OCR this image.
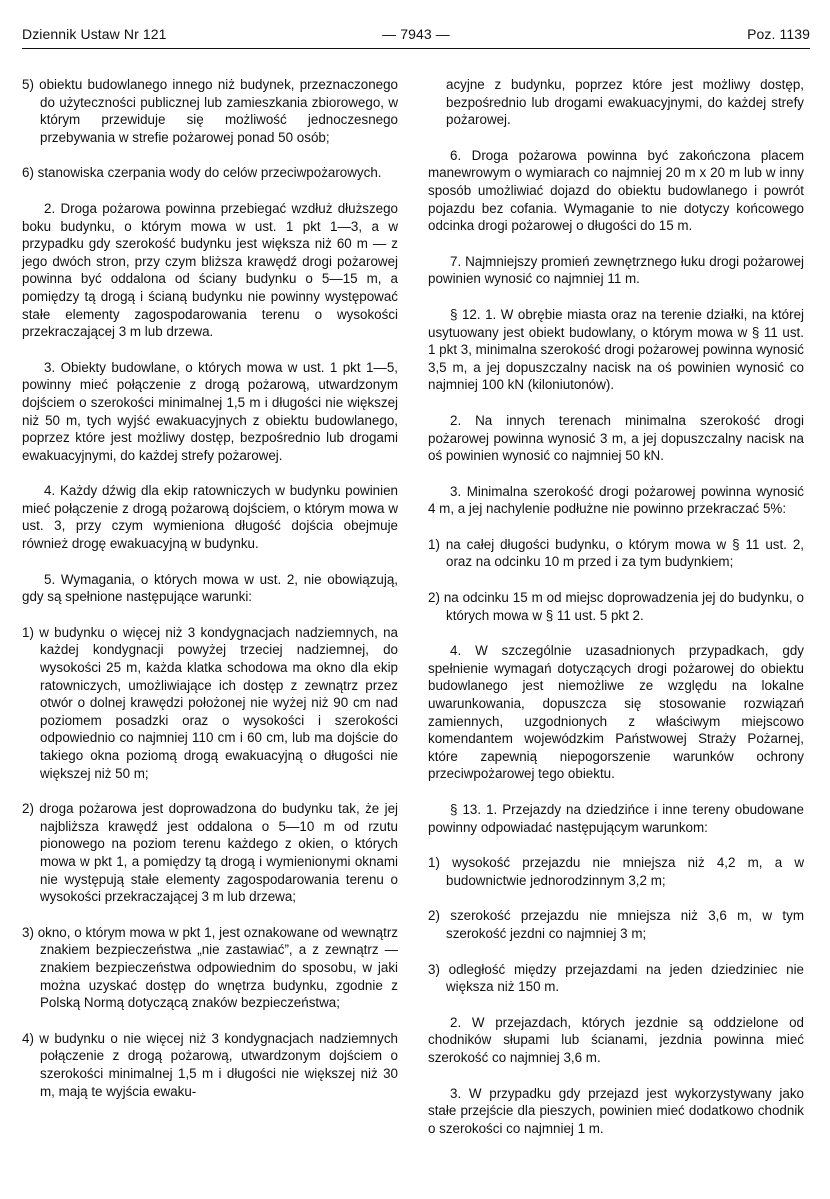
Dziennik Ustaw Nr 121	— 7943 —	Poz. 1139

5) obiektu budowlanego innego niż budynek, przeznaczonego do użyteczności publicznej lub zamieszkania zbiorowego, w którym przewiduje się możliwość jednoczesnego przebywania w strefie pożarowej ponad 50 osób;

6) stanowiska czerpania wody do celów przeciwpożarowych.

2. Droga pożarowa powinna przebiegać wzdłuż dłuższego boku budynku, o którym mowa w ust. 1 pkt 1—3, a w przypadku gdy szerokość budynku jest większa niż 60 m — z jego dwóch stron, przy czym bliższa krawędź drogi pożarowej powinna być oddalona od ściany budynku o 5—15 m, a pomiędzy tą drogą i ścianą budynku nie powinny występować stałe elementy zagospodarowania terenu o wysokości przekraczającej 3 m lub drzewa.

3. Obiekty budowlane, o których mowa w ust. 1 pkt 1—5, powinny mieć połączenie z drogą pożarową, utwardzonym dojściem o szerokości minimalnej 1,5 m i długości nie większej niż 50 m, tych wyjść ewakuacyjnych z obiektu budowlanego, poprzez które jest możliwy dostęp, bezpośrednio lub drogami ewakuacyjnymi, do każdej strefy pożarowej.

4. Każdy dźwig dla ekip ratowniczych w budynku powinien mieć połączenie z drogą pożarową dojściem, o którym mowa w ust. 3, przy czym wymieniona długość dojścia obejmuje również drogę ewakuacyjną w budynku.

5. Wymagania, o których mowa w ust. 2, nie obowiązują, gdy są spełnione następujące warunki:

1) w budynku o więcej niż 3 kondygnacjach nadziemnych, na każdej kondygnacji powyżej trzeciej nadziemnej, do wysokości 25 m, każda klatka schodowa ma okno dla ekip ratowniczych, umożliwiające ich dostęp z zewnątrz przez otwór o dolnej krawędzi położonej nie wyżej niż 90 cm nad poziomem posadzki oraz o wysokości i szerokości odpowiednio co najmniej 110 cm i 60 cm, lub ma dojście do takiego okna poziomą drogą ewakuacyjną o długości nie większej niż 50 m;

2) droga pożarowa jest doprowadzona do budynku tak, że jej najbliższa krawędź jest oddalona o 5—10 m od rzutu pionowego na poziom terenu każdego z okien, o których mowa w pkt 1, a pomiędzy tą drogą i wymienionymi oknami nie występują stałe elementy zagospodarowania terenu o wysokości przekraczającej 3 m lub drzewa;

3) okno, o którym mowa w pkt 1, jest oznakowane od wewnątrz znakiem bezpieczeństwa „nie zastawiać”, a z zewnątrz — znakiem bezpieczeństwa odpowiednim do sposobu, w jaki można uzyskać dostęp do wnętrza budynku, zgodnie z Polską Normą dotyczącą znaków bezpieczeństwa;

4) w budynku o nie więcej niż 3 kondygnacjach nadziemnych połączenie z drogą pożarową, utwardzonym dojściem o szerokości minimalnej 1,5 m i długości nie większej niż 30 m, mają te wyjścia ewaku-

acyjne z budynku, poprzez które jest możliwy dostęp, bezpośrednio lub drogami ewakuacyjnymi, do każdej strefy pożarowej.

6. Droga pożarowa powinna być zakończona placem manewrowym o wymiarach co najmniej 20 m x 20 m lub w inny sposób umożliwiać dojazd do obiektu budowlanego i powrót pojazdu bez cofania. Wymaganie to nie dotyczy końcowego odcinka drogi pożarowej o długości do 15 m.

7. Najmniejszy promień zewnętrznego łuku drogi pożarowej powinien wynosić co najmniej 11 m.

§ 12. 1. W obrębie miasta oraz na terenie działki, na której usytuowany jest obiekt budowlany, o którym mowa w § 11 ust. 1 pkt 3, minimalna szerokość drogi pożarowej powinna wynosić 3,5 m, a jej dopuszczalny nacisk na oś powinien wynosić co najmniej 100 kN (kiloniutonów).

2. Na innych terenach minimalna szerokość drogi pożarowej powinna wynosić 3 m, a jej dopuszczalny nacisk na oś powinien wynosić co najmniej 50 kN.

3. Minimalna szerokość drogi pożarowej powinna wynosić 4 m, a jej nachylenie podłużne nie powinno przekraczać 5%:

1) na całej długości budynku, o którym mowa w § 11 ust. 2, oraz na odcinku 10 m przed i za tym budynkiem;

2) na odcinku 15 m od miejsc doprowadzenia jej do budynku, o których mowa w § 11 ust. 5 pkt 2.

4. W szczególnie uzasadnionych przypadkach, gdy spełnienie wymagań dotyczących drogi pożarowej do obiektu budowlanego jest niemożliwe ze względu na lokalne uwarunkowania, dopuszcza się stosowanie rozwiązań zamiennych, uzgodnionych z właściwym miejscowo komendantem wojewódzkim Państwowej Straży Pożarnej, które zapewnią niepogorszenie warunków ochrony przeciwpożarowej tego obiektu.

§ 13. 1. Przejazdy na dziedzińce i inne tereny obudowane powinny odpowiadać następującym warunkom:

1) wysokość przejazdu nie mniejsza niż 4,2 m, a w budownictwie jednorodzinnym 3,2 m;

2) szerokość przejazdu nie mniejsza niż 3,6 m, w tym szerokość jezdni co najmniej 3 m;

3) odległość między przejazdami na jeden dziedziniec nie większa niż 150 m.

2. W przejazdach, których jezdnie są oddzielone od chodników słupami lub ścianami, jezdnia powinna mieć szerokość co najmniej 3,6 m.

3. W przypadku gdy przejazd jest wykorzystywany jako stałe przejście dla pieszych, powinien mieć dodatkowo chodnik o szerokości co najmniej 1 m.
